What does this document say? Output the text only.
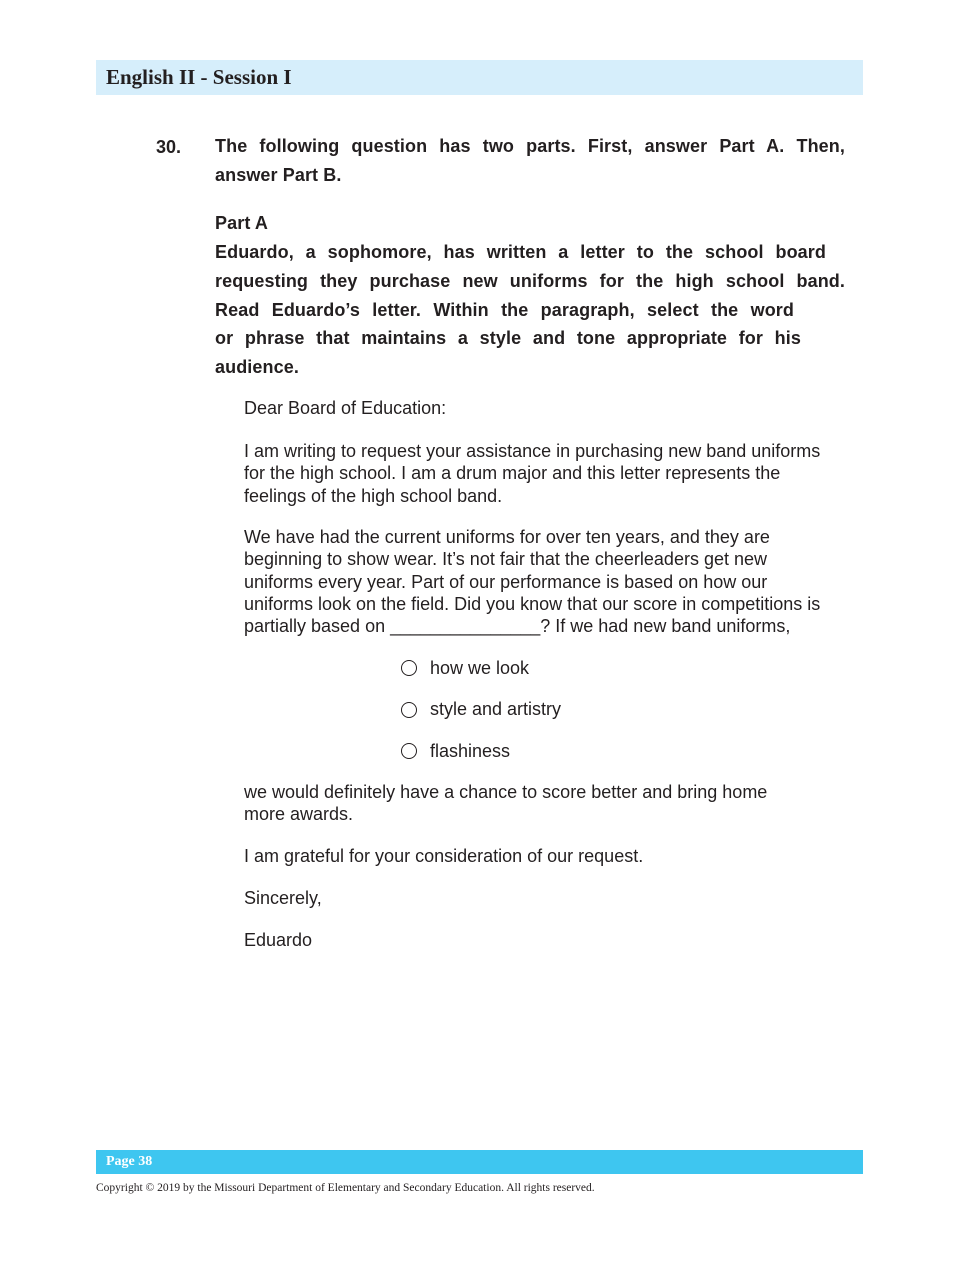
English II - Session I
30. The following question has two parts. First, answer Part A. Then,
answer Part B.
Part A
Eduardo, a sophomore, has written a letter to the school board
requesting they purchase new uniforms for the high school band.
Read Eduardo’s letter. Within the paragraph, select the word
or phrase that maintains a style and tone appropriate for his
audience.
Dear Board of Education:
I am writing to request your assistance in purchasing new band uniforms
for the high school. I am a drum major and this letter represents the
feelings of the high school band.
We have had the current uniforms for over ten years, and they are
beginning to show wear. It’s not fair that the cheerleaders get new
uniforms every year. Part of our performance is based on how our
uniforms look on the field. Did you know that our score in competitions is
partially based on _______________? If we had new band uniforms,
how we look
style and artistry
flashiness
we would definitely have a chance to score better and bring home
more awards.
I am grateful for your consideration of our request.
Sincerely,
Eduardo
Page 38
Copyright © 2019 by the Missouri Department of Elementary and Secondary Education. All rights reserved.
